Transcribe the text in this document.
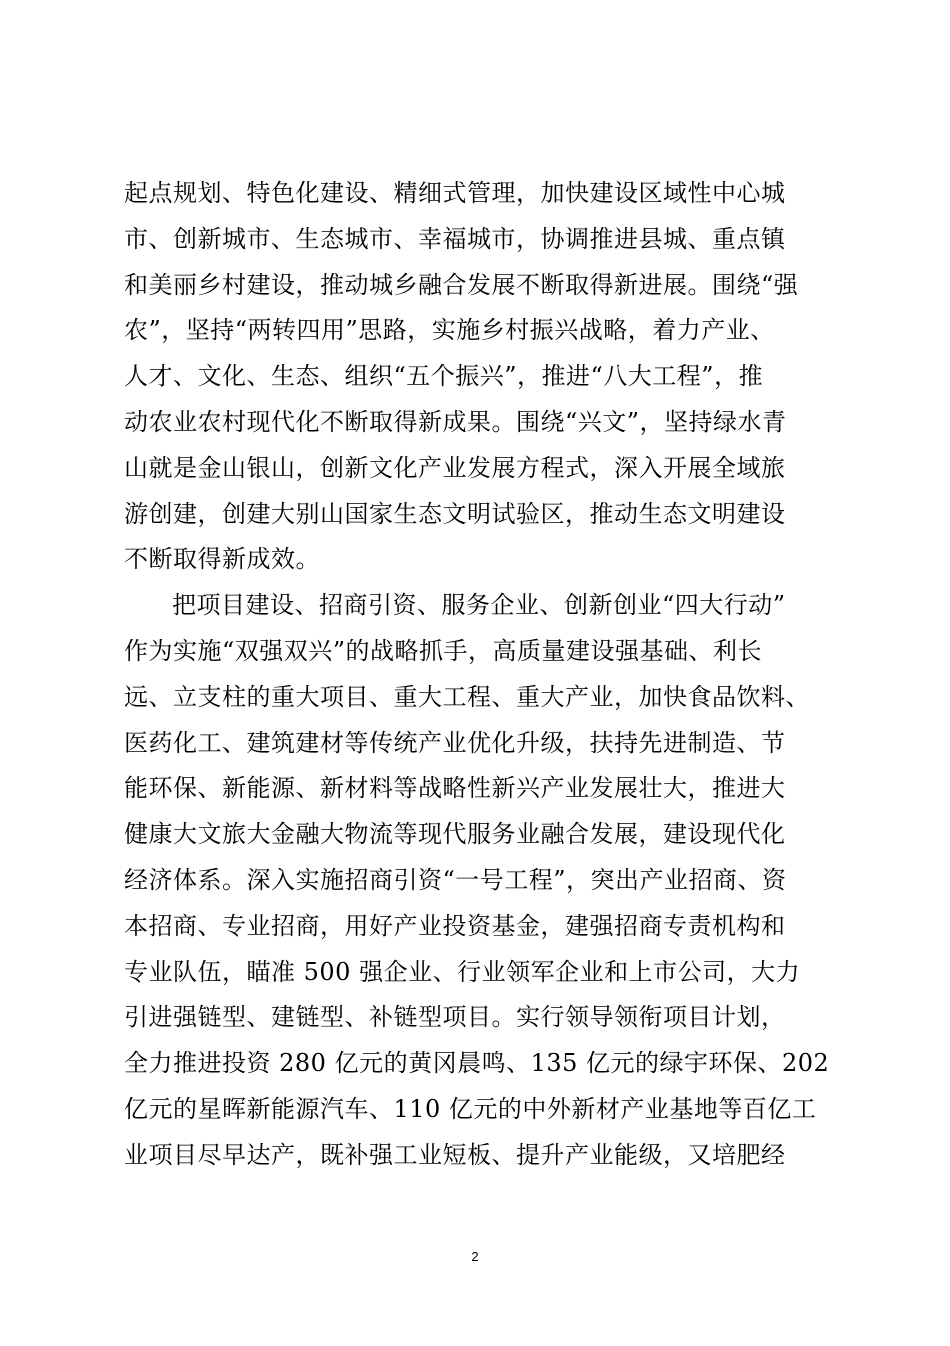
起点规划、特色化建设、精细式管理，加快建设区域性中心城
市、创新城市、生态城市、幸福城市，协调推进县城、重点镇
和美丽乡村建设，推动城乡融合发展不断取得新进展。围绕“强
农”，坚持“两转四用”思路，实施乡村振兴战略，着力产业、
人才、文化、生态、组织“五个振兴”，推进“八大工程”，推
动农业农村现代化不断取得新成果。围绕“兴文”，坚持绿水青
山就是金山银山，创新文化产业发展方程式，深入开展全域旅
游创建，创建大别山国家生态文明试验区，推动生态文明建设
不断取得新成效。
把项目建设、招商引资、服务企业、创新创业“四大行动”
作为实施“双强双兴”的战略抓手，高质量建设强基础、利长
远、立支柱的重大项目、重大工程、重大产业，加快食品饮料、
医药化工、建筑建材等传统产业优化升级，扶持先进制造、节
能环保、新能源、新材料等战略性新兴产业发展壮大，推进大
健康大文旅大金融大物流等现代服务业融合发展，建设现代化
经济体系。深入实施招商引资“一号工程”，突出产业招商、资
本招商、专业招商，用好产业投资基金，建强招商专责机构和
专业队伍，瞄准 500 强企业、行业领军企业和上市公司，大力
引进强链型、建链型、补链型项目。实行领导领衔项目计划，
全力推进投资 280 亿元的黄冈晨鸣、135 亿元的绿宇环保、202
亿元的星晖新能源汽车、110 亿元的中外新材产业基地等百亿工
业项目尽早达产，既补强工业短板、提升产业能级，又培肥经
2
